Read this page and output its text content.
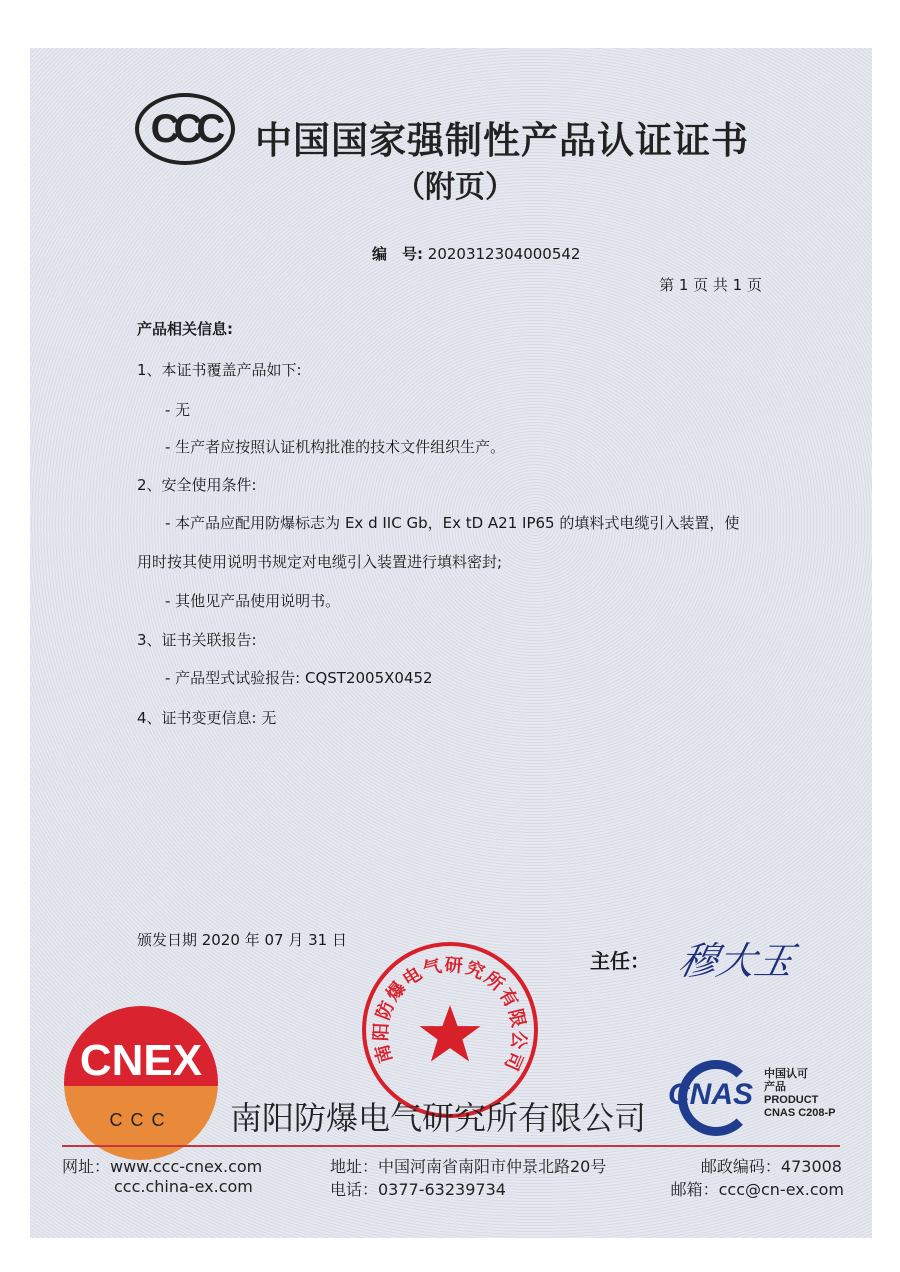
CCC 中国国家强制性产品认证证书
（附页）
编　号: 2020312304000542
第 1 页 共 1 页
产品相关信息:
1、本证书覆盖产品如下:
- 无
- 生产者应按照认证机构批准的技术文件组织生产。
2、安全使用条件:
- 本产品应配用防爆标志为 Ex d IIC Gb，Ex tD A21 IP65 的填料式电缆引入装置，使
用时按其使用说明书规定对电缆引入装置进行填料密封;
- 其他见产品使用说明书。
3、证书关联报告:
- 产品型式试验报告: CQST2005X0452
4、证书变更信息: 无
颁发日期 2020 年 07 月 31 日
主任： 穆大玉
南阳防爆电气研究所有限公司
CNEX
CCC	南阳防爆电气研究所有限公司
CNAS
中国认可
产品
PRODUCT
CNAS C208-P
网址：www.ccc-cnex.com
ccc.china-ex.com
地址：中国河南省南阳市仲景北路20号
电话：0377-63239734
邮政编码：473008
邮箱：ccc@cn-ex.com
